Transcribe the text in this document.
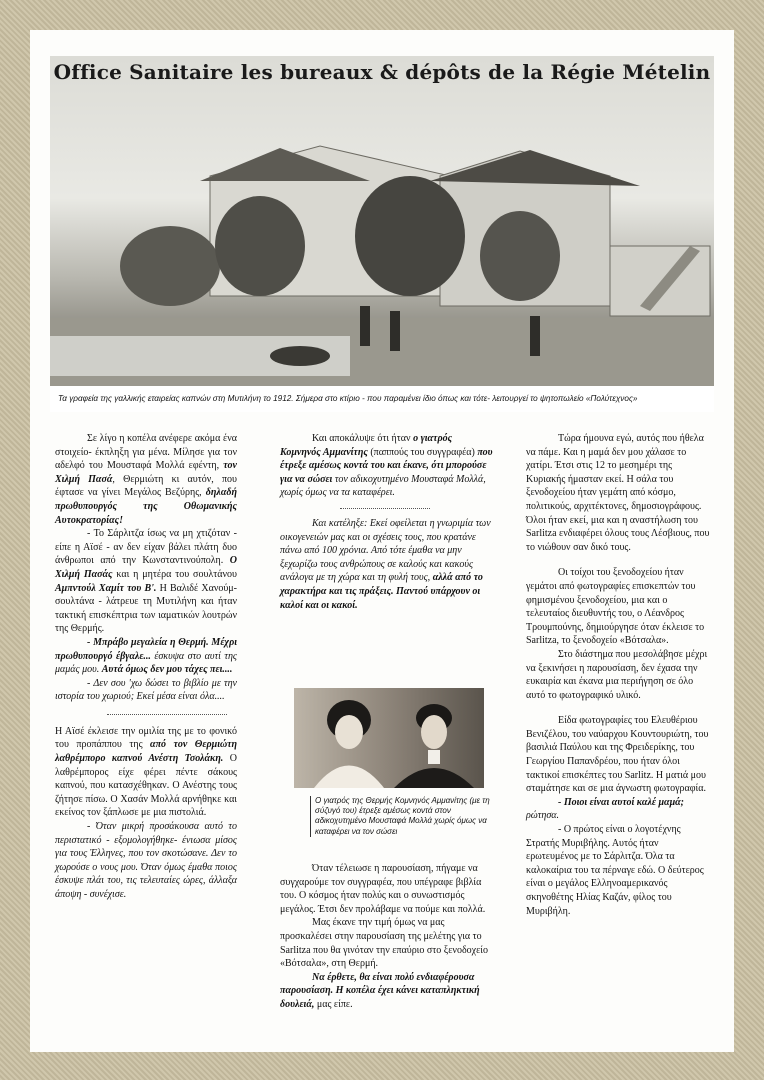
Office Sanitaire les bureaux & dépôts de la Régie Mételin
Τα γραφεία της γαλλικής εταιρείας καπνών στη Μυτιλήνη το 1912. Σήμερα στο κτίριο - που παραμένει ίδιο όπως και τότε- λειτουργεί το ψητοπωλείο «Πολύτεχνος»

Σε λίγο η κοπέλα ανέφερε ακόμα ένα στοιχείο- έκπληξη για μένα. Μίλησε για τον αδελφό του Μουσταφά Μολλά εφέντη, τον Χιλμή Πασά, Θερμιώτη κι αυτόν, που έφτασε να γίνει Μεγάλος Βεζύρης, δηλαδή πρωθυπουργός της Οθωμανικής Αυτοκρατορίας!

- Το Σάρλιτζα ίσως να μη χτιζόταν - είπε η Αϊσέ - αν δεν είχαν βάλει πλάτη δυο άνθρωποι από την Κωνσταντινούπολη. Ο Χιλμή Πασάς και η μητέρα του σουλτάνου Αμπντούλ Χαμίτ του Β'. Η Βαλιδέ Χανούμ-σουλτάνα - λάτρευε τη Μυτιλήνη και ήταν τακτική επισκέπτρια των ιαματικών λουτρών της Θερμής.

- Μπράβο μεγαλεία η Θερμή. Μέχρι πρωθυπουργό έβγαλε... έσκυψα στο αυτί της μαμάς μου. Αυτά όμως δεν μου τάχες πει....

- Δεν σου 'χω δώσει το βιβλίο με την ιστορία του χωριού; Εκεί μέσα είναι όλα....

Η Αϊσέ έκλεισε την ομιλία της με το φονικό του προπάππου της από τον Θερμιώτη λαθρέμπορο καπνού Ανέστη Τσολάκη. Ο λαθρέμπορος είχε φέρει πέντε σάκους καπνού, που κατασχέθηκαν. Ο Ανέστης τους ζήτησε πίσω. Ο Χασάν Μολλά αρνήθηκε και εκείνος τον ξάπλωσε με μια πιστολιά.

- Όταν μικρή προσάκουσα αυτό το περιστατικό - εξομολογήθηκε- ένιωσα μίσος για τους Έλληνες, που τον σκοτώσανε. Δεν το χωρούσε ο νους μου. Όταν όμως έμαθα ποιος έσκυψε πλάι του, τις τελευταίες ώρες, άλλαξα άποψη - συνέχισε.

Και αποκάλυψε ότι ήταν ο γιατρός Κομνηνός Αμμανίτης (παππούς του συγγραφέα) που έτρεξε αμέσως κοντά του και έκανε, ότι μπορούσε για να σώσει τον αδικοχυτημένο Μουσταφά Μολλά, χωρίς όμως να τα καταφέρει.

Και κατέληξε: Εκεί οφείλεται η γνωριμία των οικογενειών μας και οι σχέσεις τους, που κρατάνε πάνω από 100 χρόνια. Από τότε έμαθα να μην ξεχωρίζω τους ανθρώπους σε καλούς και κακούς ανάλογα με τη χώρα και τη φυλή τους, αλλά από το χαρακτήρα και τις πράξεις. Παντού υπάρχουν οι καλοί και οι κακοί.

Ο γιατρός της Θερμής Κομνηνός Αμμανίτης (με τη σύζυγό του) έτρεξε αμέσως κοντά στον αδικοχυτημένο Μουσταφά Μολλά χωρίς όμως να καταφέρει να τον σώσει

Όταν τέλειωσε η παρουσίαση, πήγαμε να συγχαρούμε τον συγγραφέα, που υπέγραφε βιβλία του. Ο κόσμος ήταν πολύς και ο συνωστισμός μεγάλος. Έτσι δεν προλάβαμε να πούμε και πολλά.

Μας έκανε την τιμή όμως να μας προσκαλέσει στην παρουσίαση της μελέτης για το Sarlitza που θα γινόταν την επαύριο στο ξενοδοχείο «Βότσαλα», στη Θερμή.

Να έρθετε, θα είναι πολύ ενδιαφέρουσα παρουσίαση. Η κοπέλα έχει κάνει καταπληκτική δουλειά, μας είπε.

Τώρα ήμουνα εγώ, αυτός που ήθελα να πάμε. Και η μαμά δεν μου χάλασε το χατίρι. Έτσι στις 12 το μεσημέρι της Κυριακής ήμασταν εκεί. Η σάλα του ξενοδοχείου ήταν γεμάτη από κόσμο, πολιτικούς, αρχιτέκτονες, δημοσιογράφους. Όλοι ήταν εκεί, μια και η αναστήλωση του Sarlitza ενδιαφέρει όλους τους Λέσβιους, που το νιώθουν σαν δικό τους.

Οι τοίχοι του ξενοδοχείου ήταν γεμάτοι από φωτογραφίες επισκεπτών του φημισμένου ξενοδοχείου, μια και ο τελευταίος διευθυντής του, ο Λέανδρος Τρουμπούνης, δημιούργησε όταν έκλεισε το Sarlitza, το ξενοδοχείο «Βότσαλα».

Στο διάστημα που μεσολάβησε μέχρι να ξεκινήσει η παρουσίαση, δεν έχασα την ευκαιρία και έκανα μια περιήγηση σε όλο αυτό το φωτογραφικό υλικό.

Είδα φωτογραφίες του Ελευθέριου Βενιζέλου, του ναύαρχου Κουντουριώτη, του βασιλιά Παύλου και της Φρειδερίκης, του Γεωργίου Παπανδρέου, που ήταν όλοι τακτικοί επισκέπτες του Sarlitz. Η ματιά μου σταμάτησε και σε μια άγνωστη φωτογραφία.

- Ποιοι είναι αυτοί καλέ μαμά; ρώτησα.

- Ο πρώτος είναι ο λογοτέχνης Στρατής Μυριβήλης. Αυτός ήταν ερωτευμένος με το Σάρλιτζα. Όλα τα καλοκαίρια του τα πέρναγε εδώ. Ο δεύτερος είναι ο μεγάλος Ελληνοαμερικανός σκηνοθέτης Ηλίας Καζάν, φίλος του Μυριβήλη.
